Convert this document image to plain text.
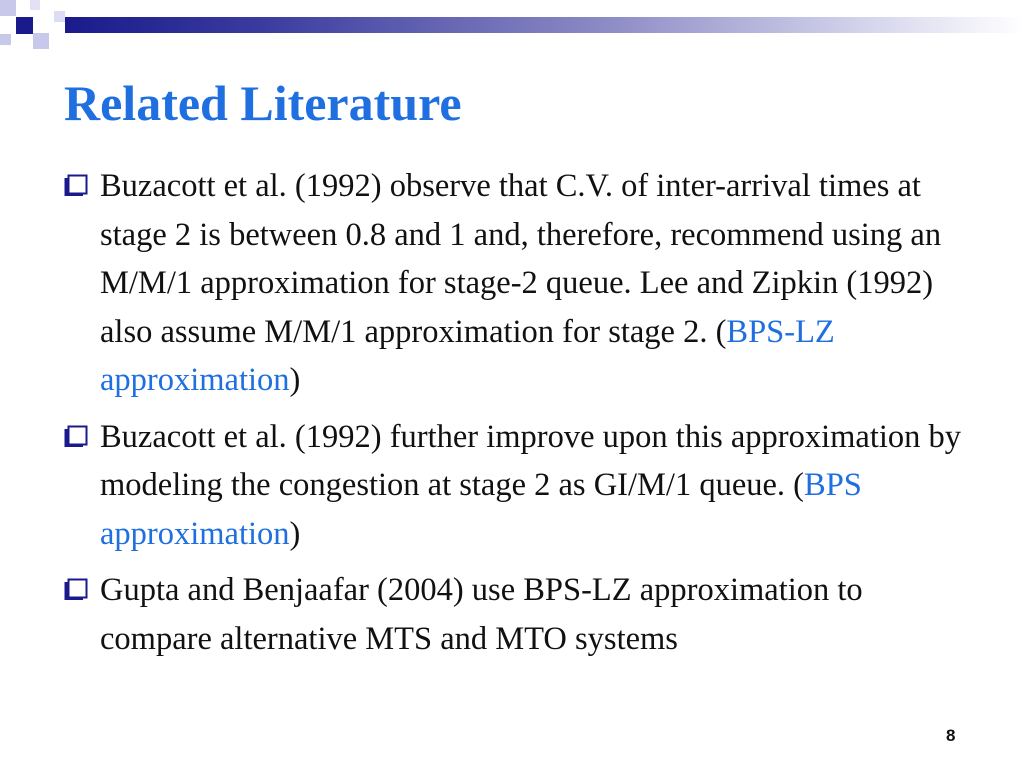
Related Literature
Buzacott et al. (1992) observe that C.V. of inter-arrival times at stage 2 is between 0.8 and 1 and, therefore, recommend using an M/M/1 approximation for stage-2 queue. Lee and Zipkin (1992) also assume M/M/1 approximation for stage 2. (BPS-LZ approximation)
Buzacott et al. (1992) further improve upon this approximation by modeling the congestion at stage 2 as GI/M/1 queue. (BPS approximation)
Gupta and Benjaafar (2004) use BPS-LZ approximation to compare alternative MTS and MTO systems
8
